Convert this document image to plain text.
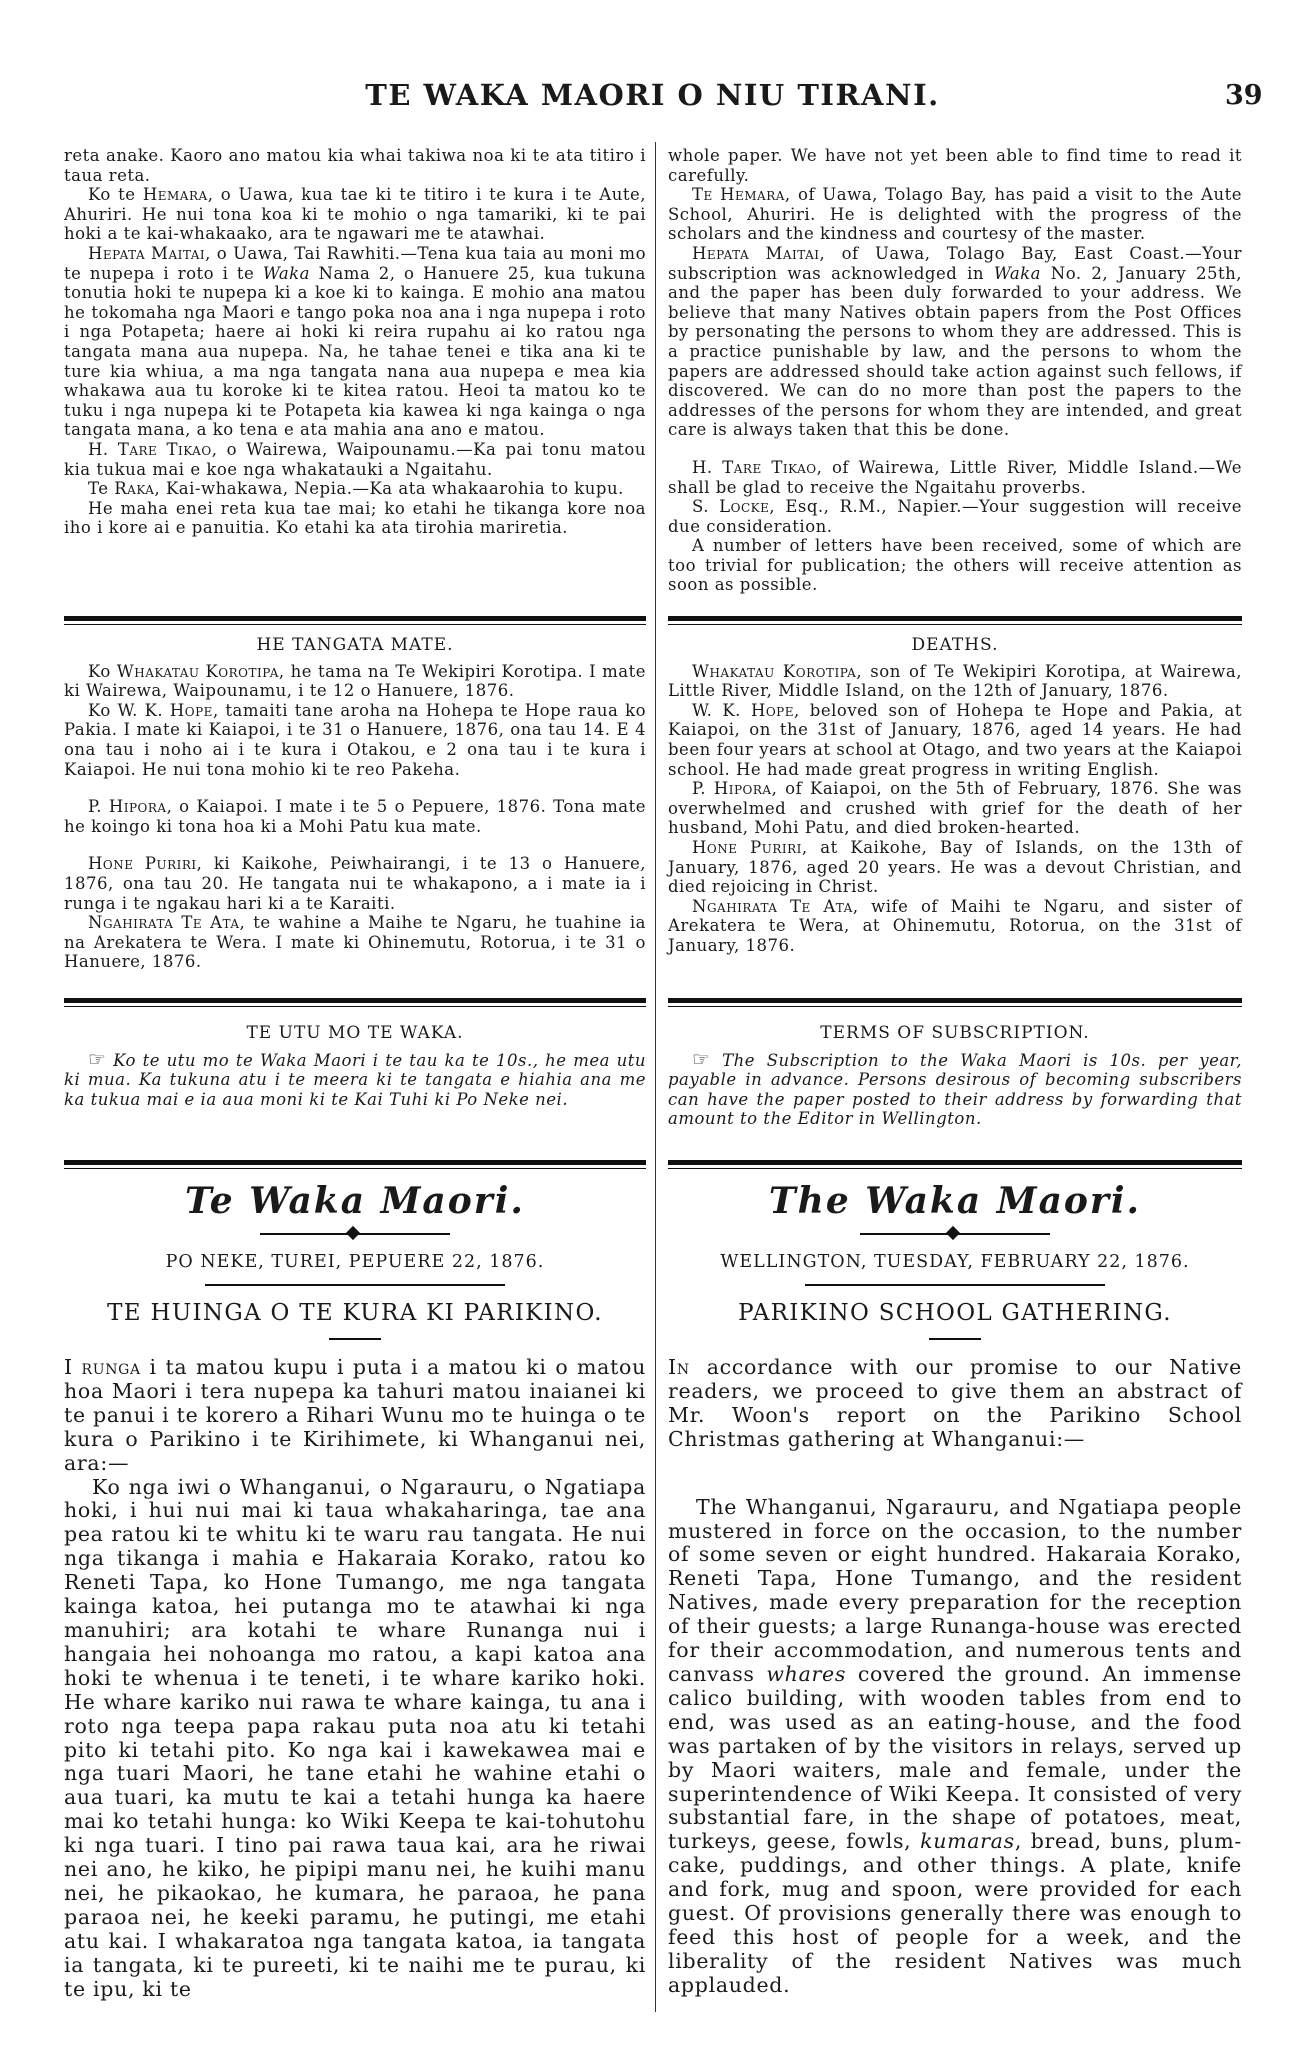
TE WAKA MAORI O NIU TIRANI.	39

reta anake. Kaoro ano matou kia whai takiwa noa ki te ata titiro i taua reta.

Ko te Hemara, o Uawa, kua tae ki te titiro i te kura i te Aute, Ahuriri. He nui tona koa ki te mohio o nga tamariki, ki te pai hoki a te kai-whakaako, ara te ngawari me te atawhai.

Hepata Maitai, o Uawa, Tai Rawhiti.—Tena kua taia au moni mo te nupepa i roto i te Waka Nama 2, o Hanuere 25, kua tukuna tonutia hoki te nupepa ki a koe ki to kainga. E mohio ana matou he tokomaha nga Maori e tango poka noa ana i nga nupepa i roto i nga Potapeta; haere ai hoki ki reira rupahu ai ko ratou nga tangata mana aua nupepa. Na, he tahae tenei e tika ana ki te ture kia whiua, a ma nga tangata nana aua nupepa e mea kia whakawa aua tu koroke ki te kitea ratou. Heoi ta matou ko te tuku i nga nupepa ki te Potapeta kia kawea ki nga kainga o nga tangata mana, a ko tena e ata mahia ana ano e matou.

H. Tare Tikao, o Wairewa, Waipounamu.—Ka pai tonu matou kia tukua mai e koe nga whakatauki a Ngaitahu.

Te Raka, Kai-whakawa, Nepia.—Ka ata whakaarohia to kupu.

He maha enei reta kua tae mai; ko etahi he tikanga kore noa iho i kore ai e panuitia. Ko etahi ka ata tirohia mariretia.

whole paper. We have not yet been able to find time to read it carefully.

Te Hemara, of Uawa, Tolago Bay, has paid a visit to the Aute School, Ahuriri. He is delighted with the progress of the scholars and the kindness and courtesy of the master.

Hepata Maitai, of Uawa, Tolago Bay, East Coast.—Your subscription was acknowledged in Waka No. 2, January 25th, and the paper has been duly forwarded to your address. We believe that many Natives obtain papers from the Post Offices by personating the persons to whom they are addressed. This is a practice punishable by law, and the persons to whom the papers are addressed should take action against such fellows, if discovered. We can do no more than post the papers to the addresses of the persons for whom they are intended, and great care is always taken that this be done.

H. Tare Tikao, of Wairewa, Little River, Middle Island.—We shall be glad to receive the Ngaitahu proverbs.

S. Locke, Esq., R.M., Napier.—Your suggestion will receive due consideration.

A number of letters have been received, some of which are too trivial for publication; the others will receive attention as soon as possible.

HE TANGATA MATE.

Ko Whakatau Korotipa, he tama na Te Wekipiri Korotipa. I mate ki Wairewa, Waipounamu, i te 12 o Hanuere, 1876.

Ko W. K. Hope, tamaiti tane aroha na Hohepa te Hope raua ko Pakia. I mate ki Kaiapoi, i te 31 o Hanuere, 1876, ona tau 14. E 4 ona tau i noho ai i te kura i Otakou, e 2 ona tau i te kura i Kaiapoi. He nui tona mohio ki te reo Pakeha.

P. Hipora, o Kaiapoi. I mate i te 5 o Pepuere, 1876. Tona mate he koingo ki tona hoa ki a Mohi Patu kua mate.

Hone Puriri, ki Kaikohe, Peiwhairangi, i te 13 o Hanuere, 1876, ona tau 20. He tangata nui te whakapono, a i mate ia i runga i te ngakau hari ki a te Karaiti.

Ngahirata Te Ata, te wahine a Maihe te Ngaru, he tuahine ia na Arekatera te Wera. I mate ki Ohinemutu, Rotorua, i te 31 o Hanuere, 1876.

DEATHS.

Whakatau Korotipa, son of Te Wekipiri Korotipa, at Wairewa, Little River, Middle Island, on the 12th of January, 1876.

W. K. Hope, beloved son of Hohepa te Hope and Pakia, at Kaiapoi, on the 31st of January, 1876, aged 14 years. He had been four years at school at Otago, and two years at the Kaiapoi school. He had made great progress in writing English.

P. Hipora, of Kaiapoi, on the 5th of February, 1876. She was overwhelmed and crushed with grief for the death of her husband, Mohi Patu, and died broken-hearted.

Hone Puriri, at Kaikohe, Bay of Islands, on the 13th of January, 1876, aged 20 years. He was a devout Christian, and died rejoicing in Christ.

Ngahirata Te Ata, wife of Maihi te Ngaru, and sister of Arekatera te Wera, at Ohinemutu, Rotorua, on the 31st of January, 1876.

TE UTU MO TE WAKA.

☞ Ko te utu mo te Waka Maori i te tau ka te 10s., he mea utu ki mua. Ka tukuna atu i te meera ki te tangata e hiahia ana me ka tukua mai e ia aua moni ki te Kai Tuhi ki Po Neke nei.

TERMS OF SUBSCRIPTION.

☞ The Subscription to the Waka Maori is 10s. per year, payable in advance. Persons desirous of becoming subscribers can have the paper posted to their address by forwarding that amount to the Editor in Wellington.

Te Waka Maori.
PO NEKE, TUREI, PEPUERE 22, 1876.
TE HUINGA O TE KURA KI PARIKINO.

I runga i ta matou kupu i puta i a matou ki o matou hoa Maori i tera nupepa ka tahuri matou inaianei ki te panui i te korero a Rihari Wunu mo te huinga o te kura o Parikino i te Kirihimete, ki Whanganui nei, ara:—

Ko nga iwi o Whanganui, o Ngarauru, o Ngatiapa hoki, i hui nui mai ki taua whakaharinga, tae ana pea ratou ki te whitu ki te waru rau tangata. He nui nga tikanga i mahia e Hakaraia Korako, ratou ko Reneti Tapa, ko Hone Tumango, me nga tangata kainga katoa, hei putanga mo te atawhai ki nga manuhiri; ara kotahi te whare Runanga nui i hangaia hei nohoanga mo ratou, a kapi katoa ana hoki te whenua i te teneti, i te whare kariko hoki. He whare kariko nui rawa te whare kainga, tu ana i roto nga teepa papa rakau puta noa atu ki tetahi pito ki tetahi pito. Ko nga kai i kawekawea mai e nga tuari Maori, he tane etahi he wahine etahi o aua tuari, ka mutu te kai a tetahi hunga ka haere mai ko tetahi hunga: ko Wiki Keepa te kai-tohutohu ki nga tuari. I tino pai rawa taua kai, ara he riwai nei ano, he kiko, he pipipi manu nei, he kuihi manu nei, he pikaokao, he kumara, he paraoa, he pana paraoa nei, he keeki paramu, he putingi, me etahi atu kai. I whakaratoa nga tangata katoa, ia tangata ia tangata, ki te pureeti, ki te naihi me te purau, ki te ipu, ki te

The Waka Maori.
WELLINGTON, TUESDAY, FEBRUARY 22, 1876.
PARIKINO SCHOOL GATHERING.

In accordance with our promise to our Native readers, we proceed to give them an abstract of Mr. Woon's report on the Parikino School Christmas gathering at Whanganui:—

The Whanganui, Ngarauru, and Ngatiapa people mustered in force on the occasion, to the number of some seven or eight hundred. Hakaraia Korako, Reneti Tapa, Hone Tumango, and the resident Natives, made every preparation for the reception of their guests; a large Runanga-house was erected for their accommodation, and numerous tents and canvass whares covered the ground. An immense calico building, with wooden tables from end to end, was used as an eating-house, and the food was partaken of by the visitors in relays, served up by Maori waiters, male and female, under the superintendence of Wiki Keepa. It consisted of very substantial fare, in the shape of potatoes, meat, turkeys, geese, fowls, kumaras, bread, buns, plum-cake, puddings, and other things. A plate, knife and fork, mug and spoon, were provided for each guest. Of provisions generally there was enough to feed this host of people for a week, and the liberality of the resident Natives was much applauded.
